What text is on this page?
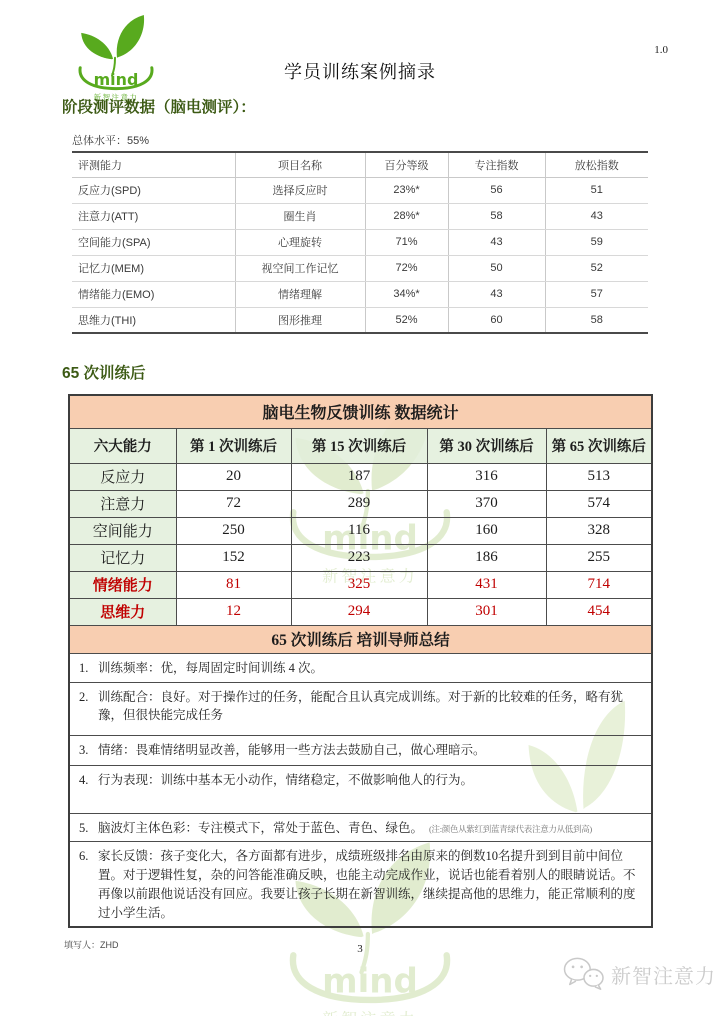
1.0
学员训练案例摘录
阶段测评数据（脑电测评）：
总体水平：55%
评测能力	项目名称	百分等级	专注指数	放松指数
反应力(SPD)	选择反应时	23%*	56	51
注意力(ATT)	圈生肖	28%*	58	43
空间能力(SPA)	心理旋转	71%	43	59
记忆力(MEM)	视空间工作记忆	72%	50	52
情绪能力(EMO)	情绪理解	34%*	43	57
思维力(THI)	图形推理	52%	60	58
65 次训练后
脑电生物反馈训练 数据统计				
六大能力	第 1 次训练后	第 15 次训练后	第 30 次训练后	第 65 次训练后
反应力	20	187	316	513
注意力	72	289	370	574
空间能力	250	116	160	328
记忆力	152	223	186	255
情绪能力	81	325	431	714
思维力	12	294	301	454
65 次训练后 培训导师总结				

1. 训练频率：优，每周固定时间训练 4 次。				

2. 训练配合：良好。对于操作过的任务，能配合且认真完成训练。对于新的比较难的任务，略有犹豫，但很快能完成任务				

3. 情绪：畏难情绪明显改善，能够用一些方法去鼓励自己，做心理暗示。				

4. 行为表现：训练中基本无小动作，情绪稳定，不做影响他人的行为。				

5. 脑波灯主体色彩：专注模式下，常处于蓝色、青色、绿色。 (注:颜色从紫红到蓝青绿代表注意力从低到高)				

6. 家长反馈：孩子变化大，各方面都有进步，成绩班级排名由原来的倒数10名提升到到目前中间位置。对于逻辑性复，杂的问答能准确反映，也能主动完成作业，说话也能看着别人的眼睛说话。不再像以前跟他说话没有回应。我要让孩子长期在新智训练，继续提高他的思维力，能正常顺利的度过小学生活。				
填写人：ZHD	3
新智注意力
